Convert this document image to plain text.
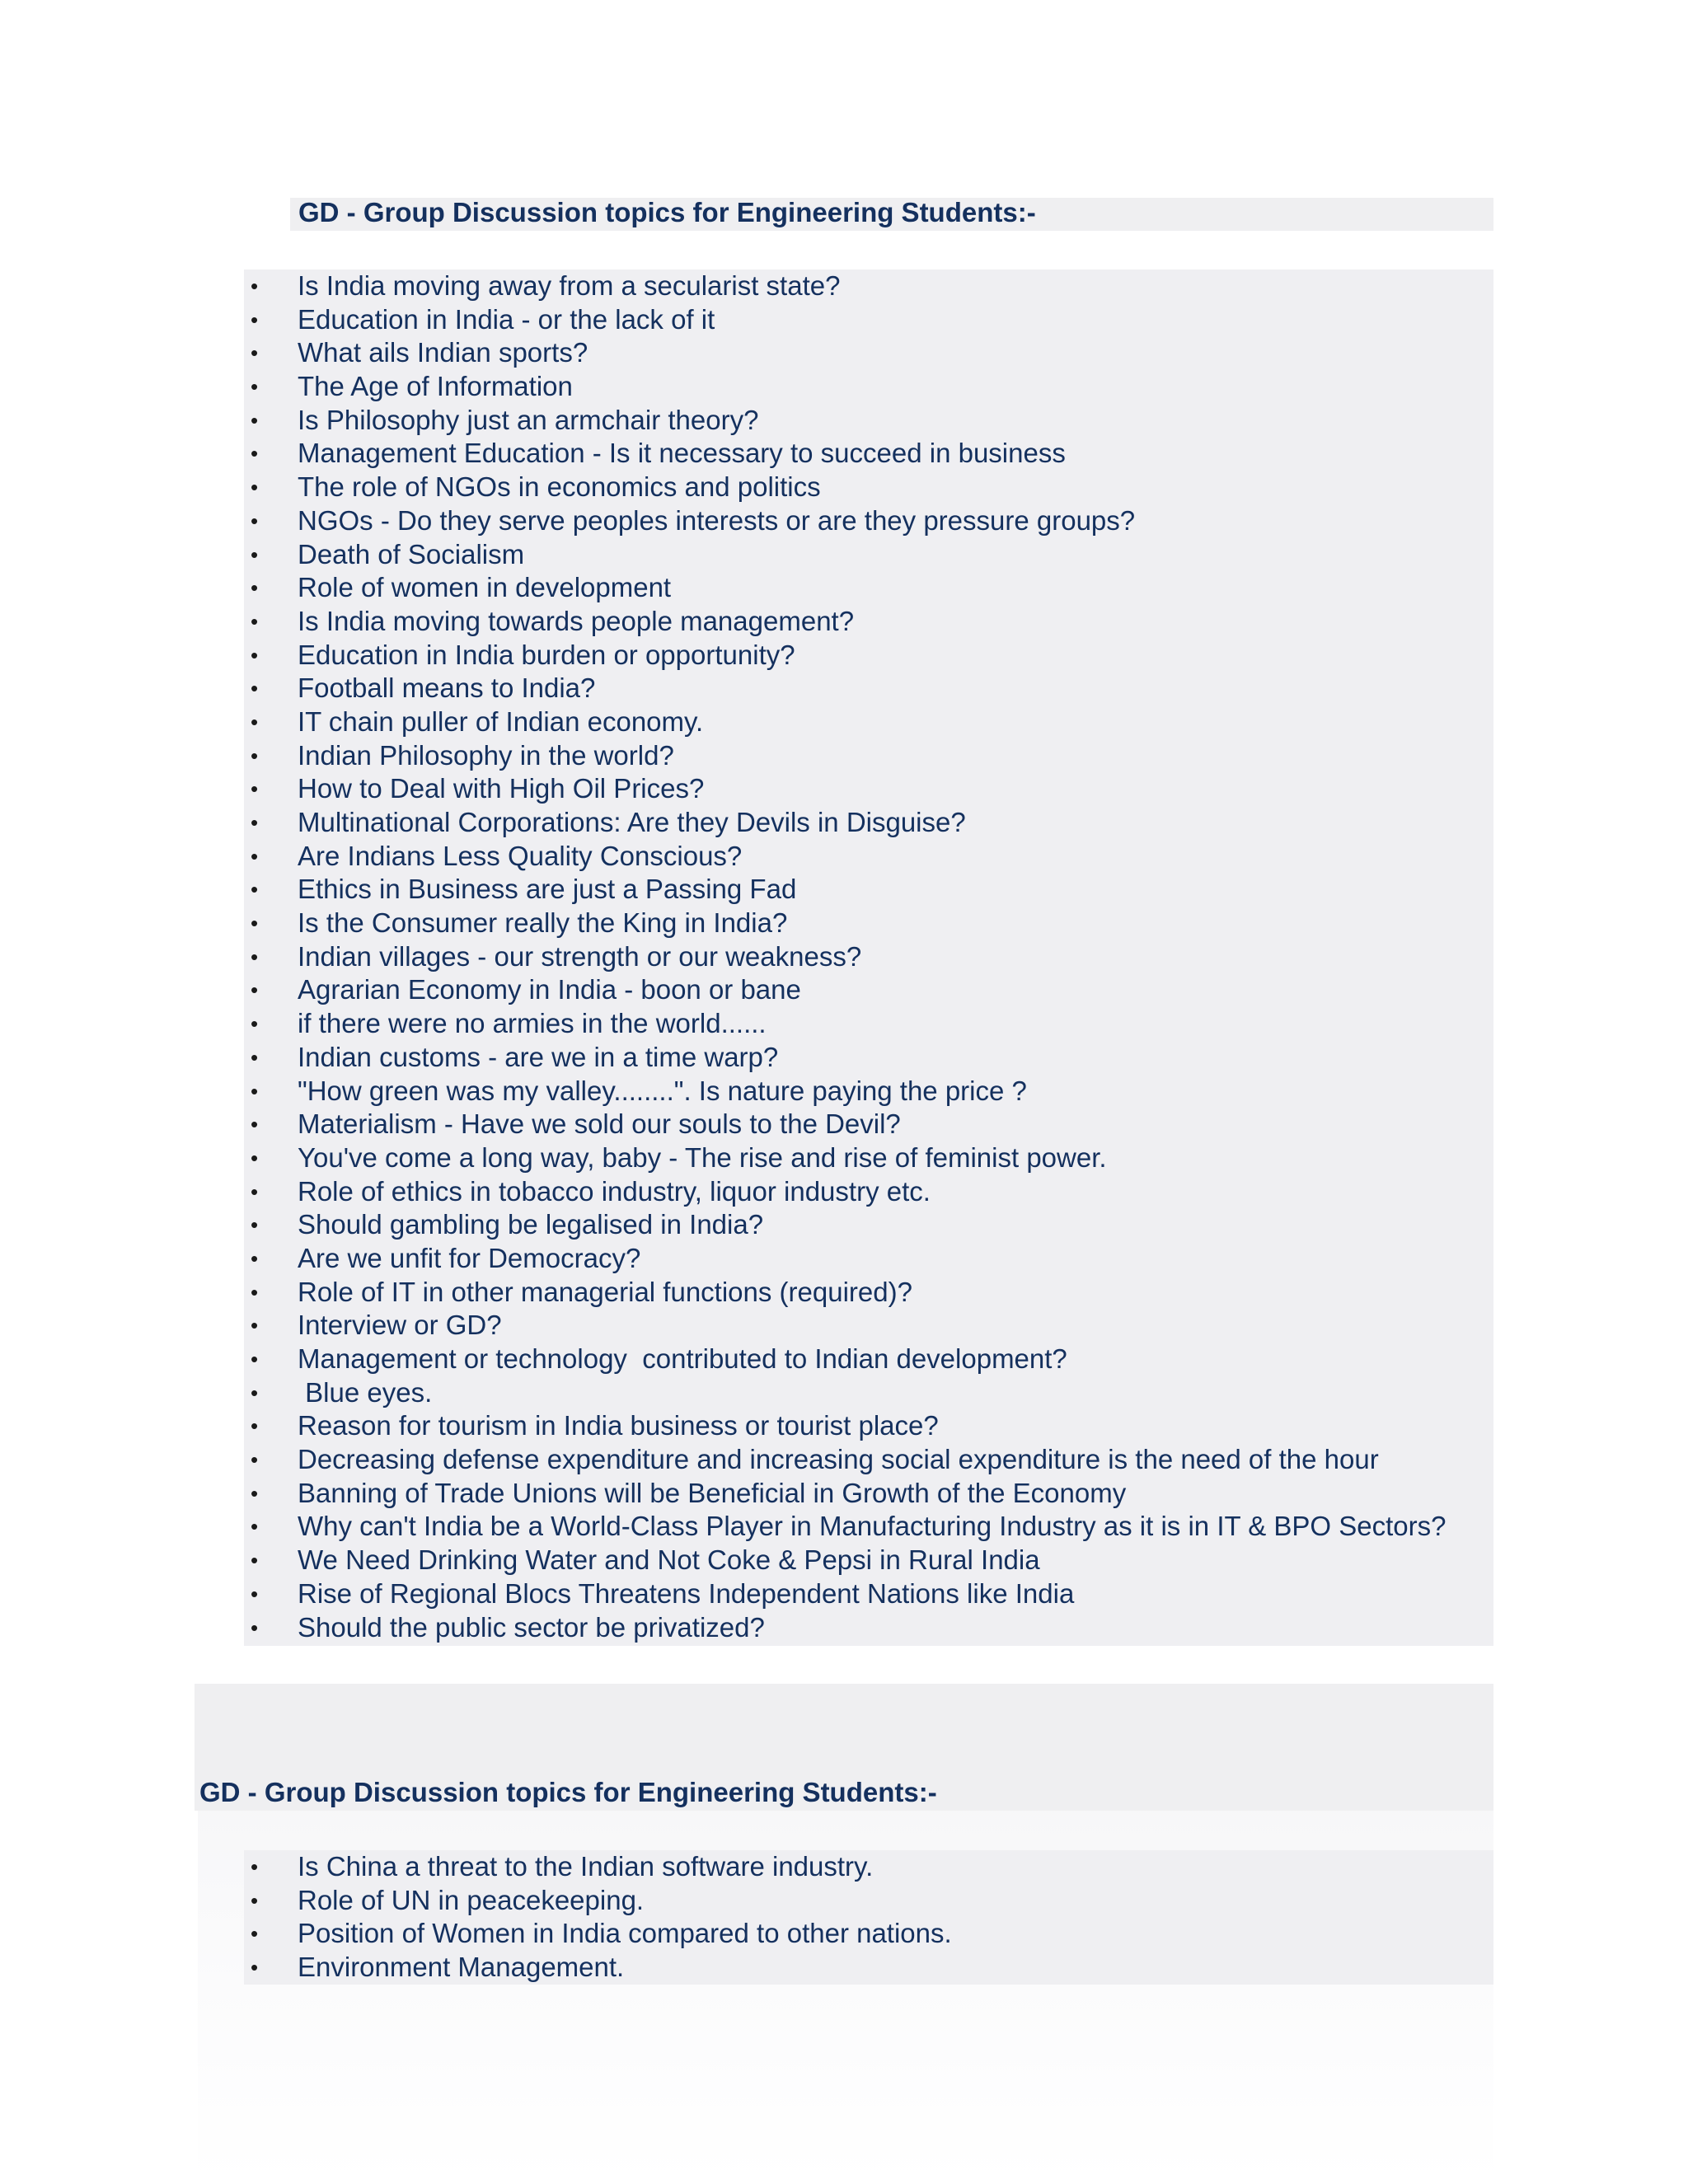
GD - Group Discussion topics for Engineering Students:-
• Is India moving away from a secularist state?
• Education in India - or the lack of it
• What ails Indian sports?
• The Age of Information
• Is Philosophy just an armchair theory?
• Management Education - Is it necessary to succeed in business
• The role of NGOs in economics and politics
• NGOs - Do they serve peoples interests or are they pressure groups?
• Death of Socialism
• Role of women in development
• Is India moving towards people management?
• Education in India burden or opportunity?
• Football means to India?
• IT chain puller of Indian economy.
• Indian Philosophy in the world?
• How to Deal with High Oil Prices?
• Multinational Corporations: Are they Devils in Disguise?
• Are Indians Less Quality Conscious?
• Ethics in Business are just a Passing Fad
• Is the Consumer really the King in India?
• Indian villages - our strength or our weakness?
• Agrarian Economy in India - boon or bane
• if there were no armies in the world......
• Indian customs - are we in a time warp?
• "How green was my valley........". Is nature paying the price ?
• Materialism - Have we sold our souls to the Devil?
• You've come a long way, baby - The rise and rise of feminist power.
• Role of ethics in tobacco industry, liquor industry etc.
• Should gambling be legalised in India?
• Are we unfit for Democracy?
• Role of IT in other managerial functions (required)?
• Interview or GD?
• Management or technology  contributed to Indian development?
• Blue eyes.
• Reason for tourism in India business or tourist place?
• Decreasing defense expenditure and increasing social expenditure is the need of the hour
• Banning of Trade Unions will be Beneficial in Growth of the Economy
• Why can't India be a World-Class Player in Manufacturing Industry as it is in IT & BPO Sectors?
• We Need Drinking Water and Not Coke & Pepsi in Rural India
• Rise of Regional Blocs Threatens Independent Nations like India
• Should the public sector be privatized?
GD - Group Discussion topics for Engineering Students:-
• Is China a threat to the Indian software industry.
• Role of UN in peacekeeping.
• Position of Women in India compared to other nations.
• Environment Management.
